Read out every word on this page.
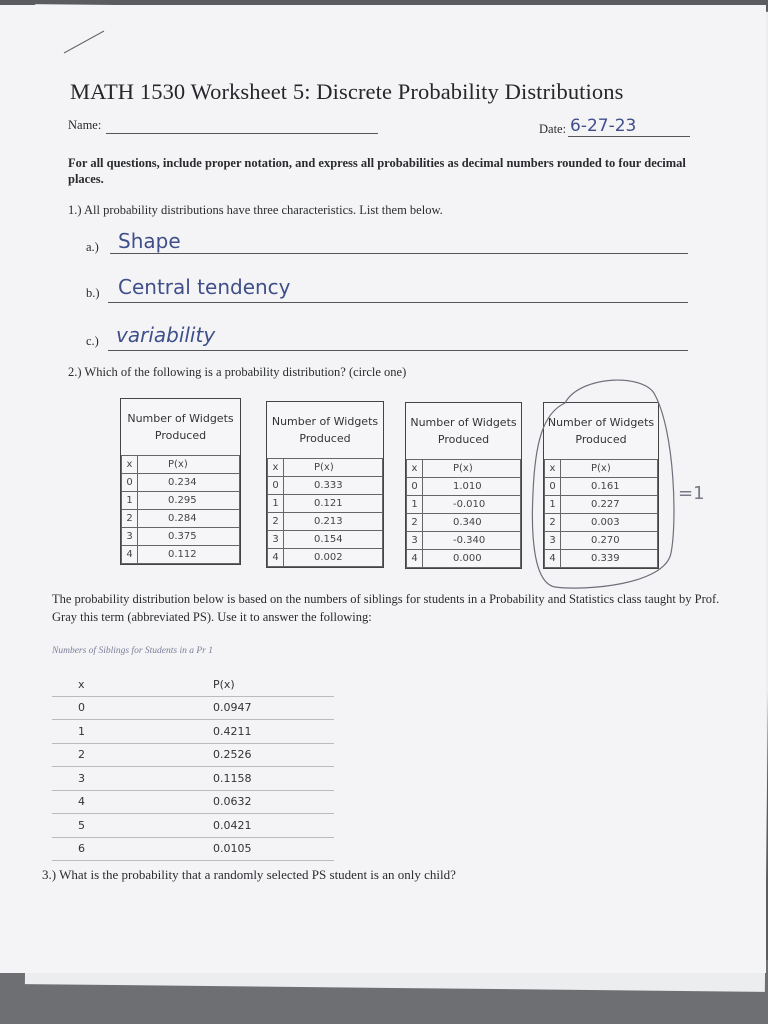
MATH 1530 Worksheet 5: Discrete Probability Distributions
Name:	Date: 6-27-23
For all questions, include proper notation, and express all probabilities as decimal numbers rounded to four decimal places.
1.) All probability distributions have three characteristics. List them below.
a.) Shape
b.) Central tendency
c.) variability
2.) Which of the following is a probability distribution? (circle one)
Number of Widgets Produced
x	P(x)
0	0.234
1	0.295
2	0.284
3	0.375
4	0.112
Number of Widgets Produced
x	P(x)
0	0.333
1	0.121
2	0.213
3	0.154
4	0.002
Number of Widgets Produced
x	P(x)
0	1.010
1	-0.010
2	0.340
3	-0.340
4	0.000
Number of Widgets Produced
x	P(x)
0	0.161
1	0.227
2	0.003
3	0.270
4	0.339
=1
The probability distribution below is based on the numbers of siblings for students in a Probability and Statistics class taught by Prof. Gray this term (abbreviated PS). Use it to answer the following:
Numbers of Siblings for Students in a Pr 1
x	P(x)
0	0.0947
1	0.4211
2	0.2526
3	0.1158
4	0.0632
5	0.0421
6	0.0105
3.) What is the probability that a randomly selected PS student is an only child?
